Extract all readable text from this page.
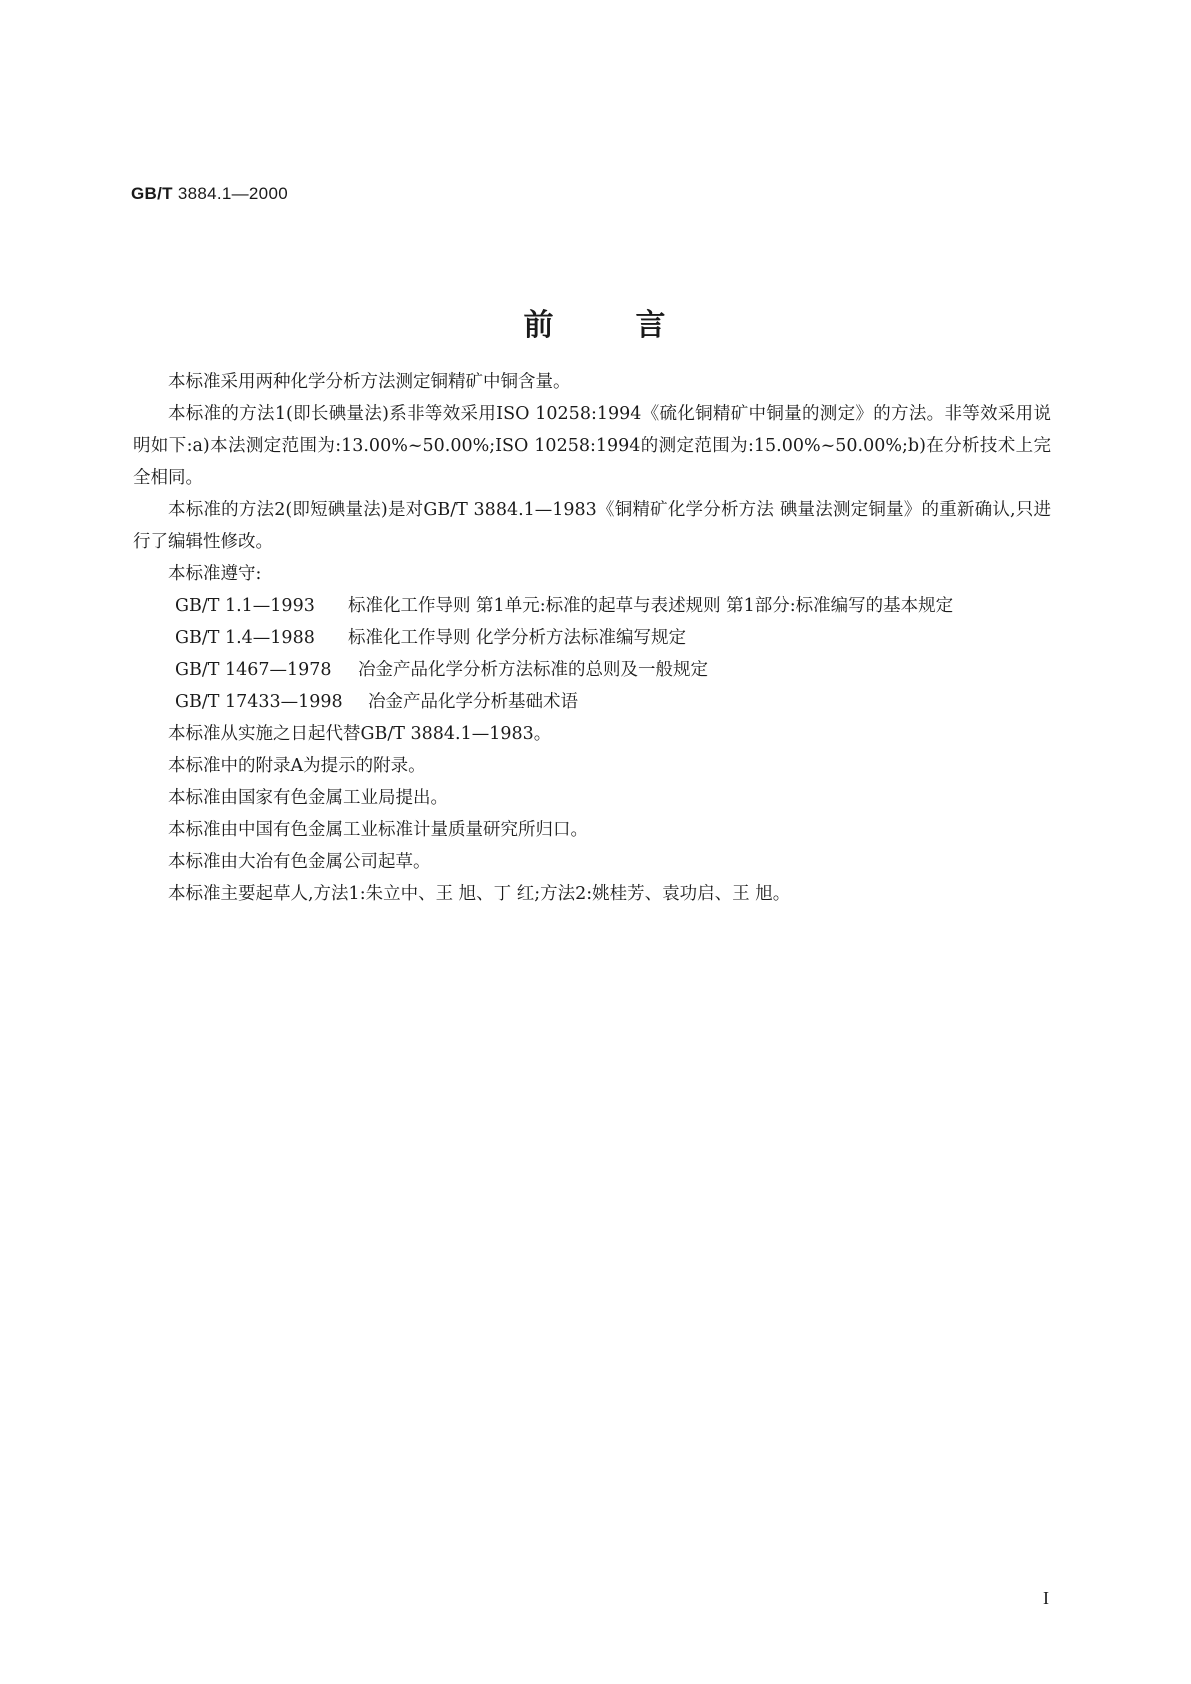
GB/T 3884.1—2000
前	言

本标准采用两种化学分析方法测定铜精矿中铜含量。

本标准的方法1(即长碘量法)系非等效采用ISO 10258:1994《硫化铜精矿中铜量的测定》的方法。非等效采用说明如下:a)本法测定范围为:13.00%~50.00%;ISO 10258:1994的测定范围为:15.00%~50.00%;b)在分析技术上完全相同。

本标准的方法2(即短碘量法)是对GB/T 3884.1—1983《铜精矿化学分析方法 碘量法测定铜量》的重新确认,只进行了编辑性修改。

本标准遵守:

GB/T 1.1—1993	标准化工作导则 第1单元:标准的起草与表述规则 第1部分:标准编写的基本规定
GB/T 1.4—1988	标准化工作导则 化学分析方法标准编写规定
GB/T 1467—1978	冶金产品化学分析方法标准的总则及一般规定
GB/T 17433—1998	冶金产品化学分析基础术语

本标准从实施之日起代替GB/T 3884.1—1983。

本标准中的附录A为提示的附录。

本标准由国家有色金属工业局提出。

本标准由中国有色金属工业标准计量质量研究所归口。

本标准由大冶有色金属公司起草。

本标准主要起草人,方法1:朱立中、王 旭、丁 红;方法2:姚桂芳、袁功启、王 旭。

I
